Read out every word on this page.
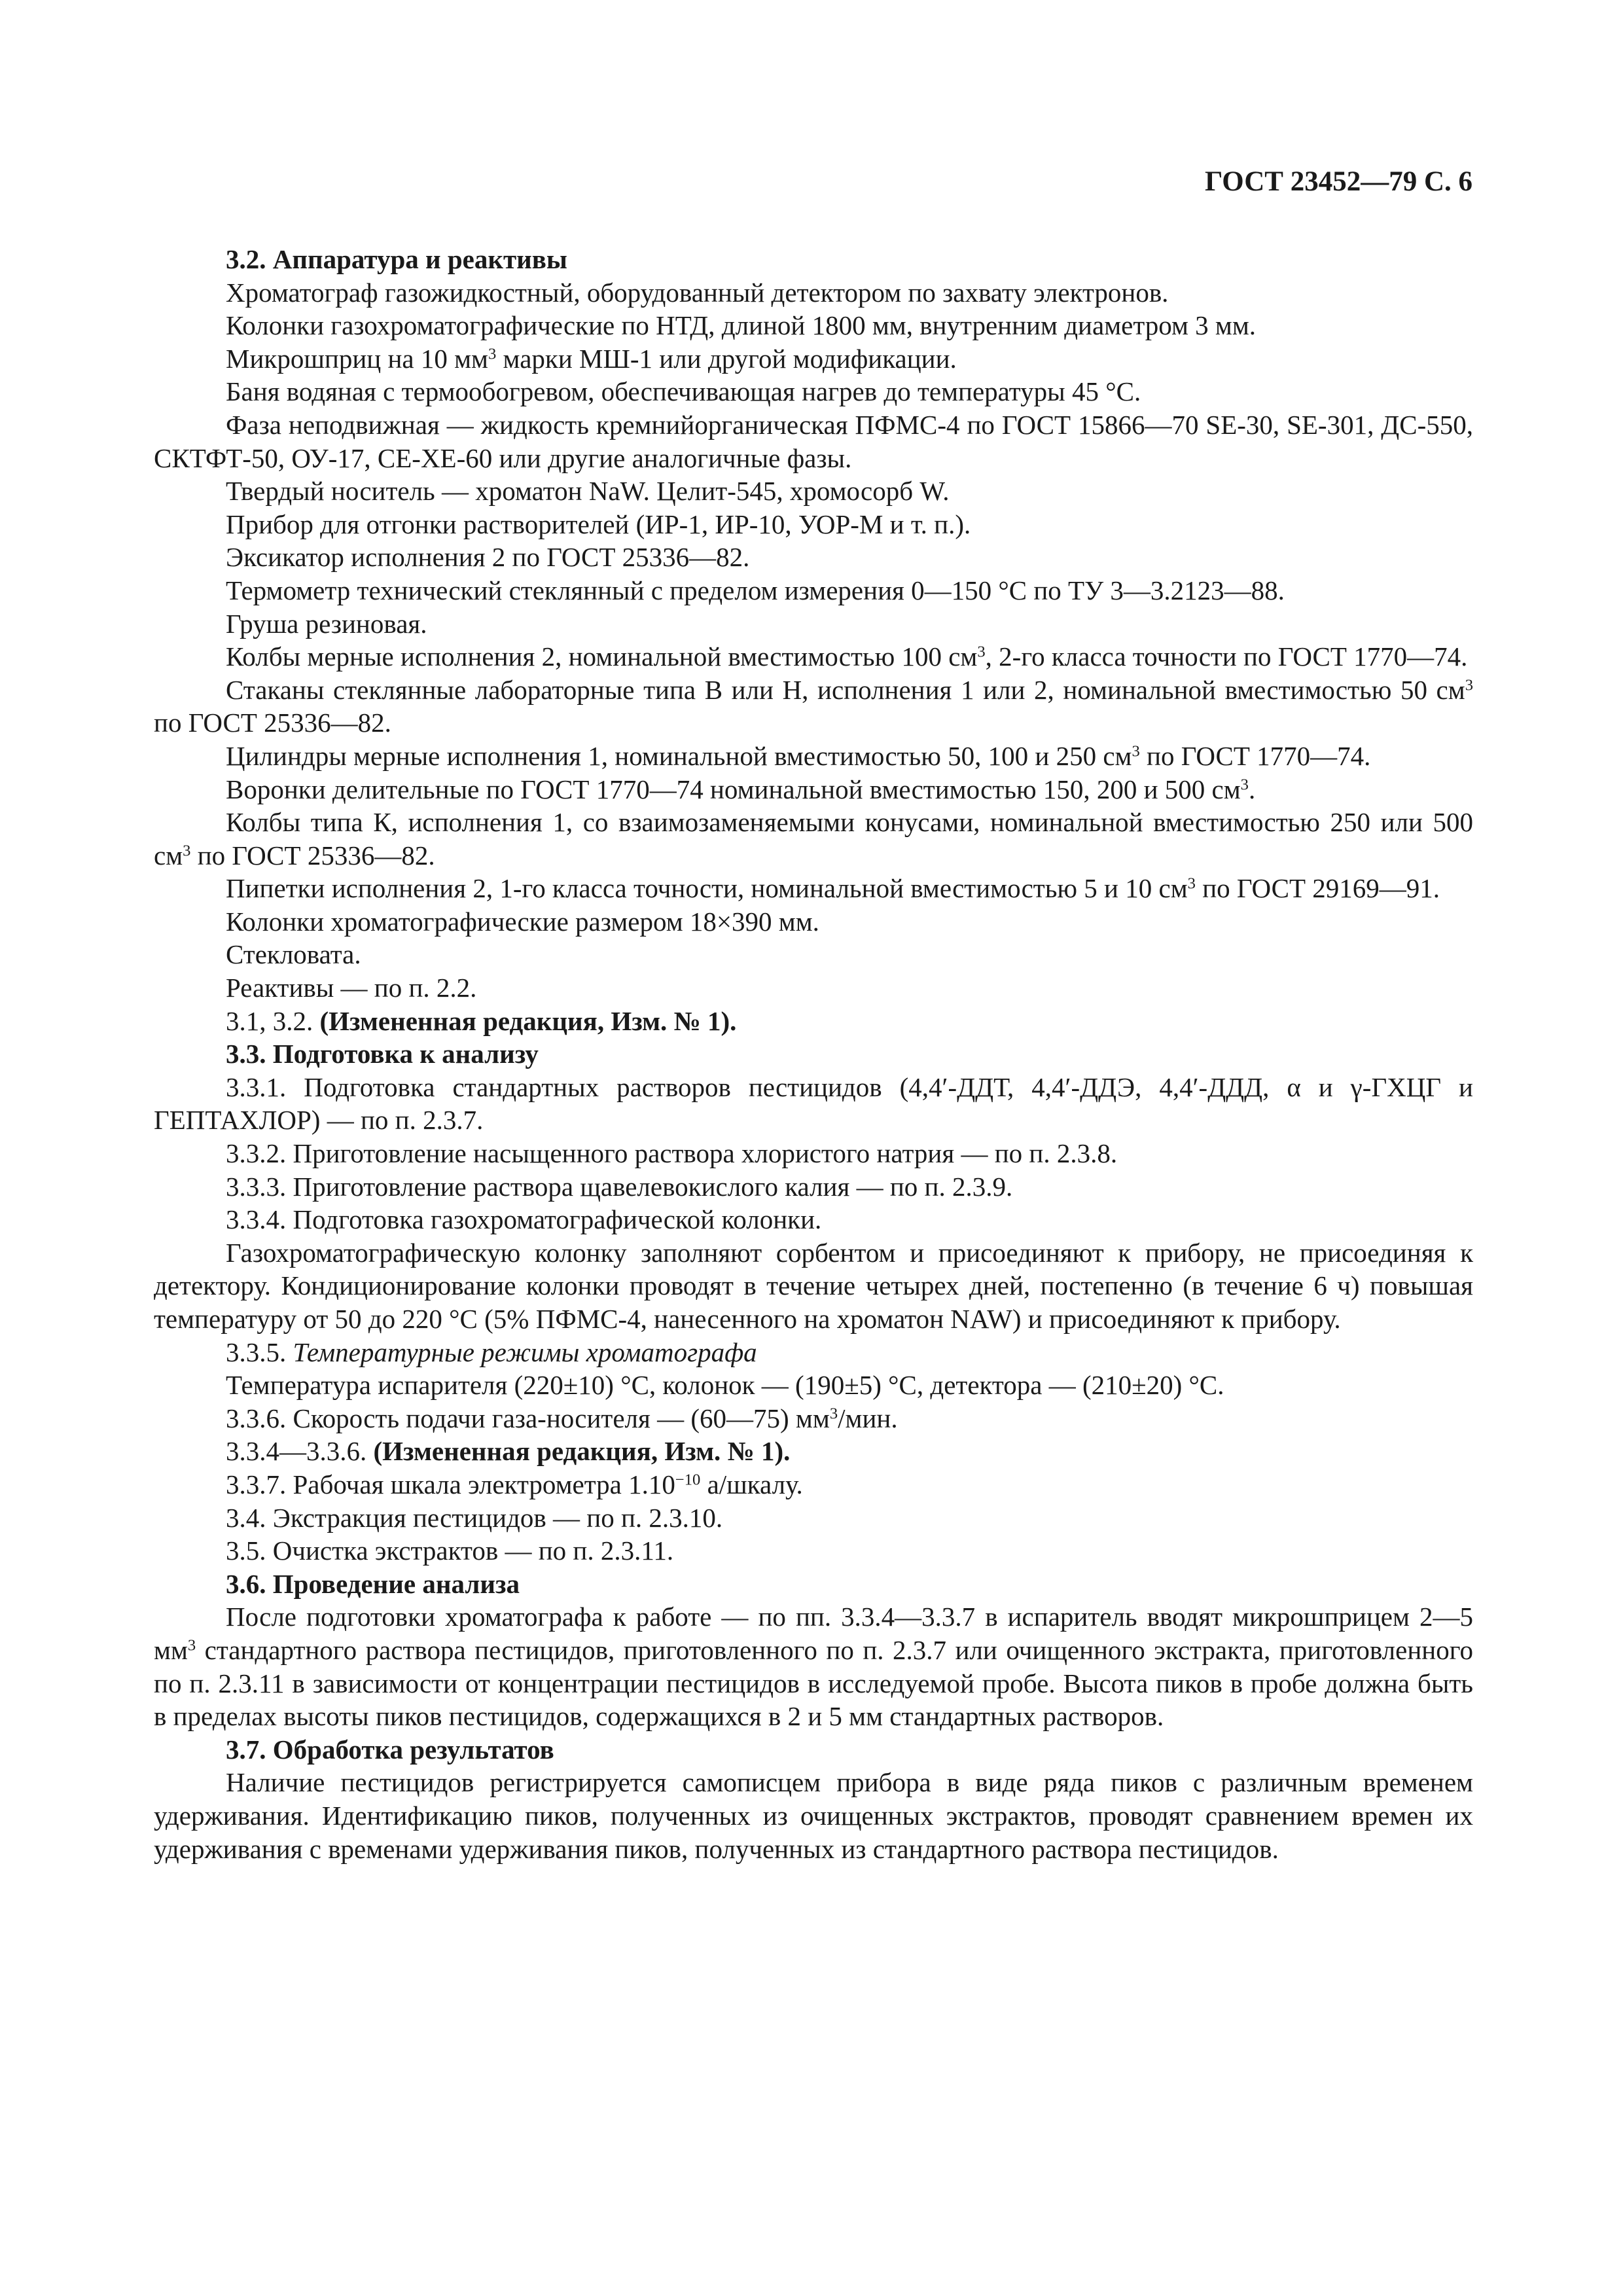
ГОСТ 23452—79 С. 6

3.2. Аппаратура и реактивы

Хроматограф газожидкостный, оборудованный детектором по захвату электронов.

Колонки газохроматографические по НТД, длиной 1800 мм, внутренним диаметром 3 мм.

Микрошприц на 10 $мм^3$ марки МШ-1 или другой модификации.

Баня водяная с термообогревом, обеспечивающая нагрев до температуры 45 °С.

Фаза неподвижная — жидкость кремнийорганическая ПФМС-4 по ГОСТ 15866—70 SE-30, SE-301, ДС-550, СКТФТ-50, ОУ-17, СЕ-ХЕ-60 или другие аналогичные фазы.

Твердый носитель — хроматон NaW. Целит-545, хромосорб W.

Прибор для отгонки растворителей (ИР-1, ИР-10, УОР-М и т. п.).

Эксикатор исполнения 2 по ГОСТ 25336—82.

Термометр технический стеклянный с пределом измерения 0—150 °С по ТУ 3—3.2123—88.

Груша резиновая.

Колбы мерные исполнения 2, номинальной вместимостью 100 $см^3$, 2-го класса точности по ГОСТ 1770—74.

Стаканы стеклянные лабораторные типа В или Н, исполнения 1 или 2, номинальной вместимостью 50 $см^3$ по ГОСТ 25336—82.

Цилиндры мерные исполнения 1, номинальной вместимостью 50, 100 и 250 $см^3$ по ГОСТ 1770—74.

Воронки делительные по ГОСТ 1770—74 номинальной вместимостью 150, 200 и 500 $см^3$.

Колбы типа К, исполнения 1, со взаимозаменяемыми конусами, номинальной вместимостью 250 или 500 $см^3$ по ГОСТ 25336—82.

Пипетки исполнения 2, 1-го класса точности, номинальной вместимостью 5 и 10 $см^3$ по ГОСТ 29169—91.

Колонки хроматографические размером 18×390 мм.

Стекловата.

Реактивы — по п. 2.2.

3.1, 3.2. (Измененная редакция, Изм. № 1).

3.3. Подготовка к анализу

3.3.1. Подготовка стандартных растворов пестицидов (4,4′-ДДТ, 4,4′-ДДЭ, 4,4′-ДДД, α и γ-ГХЦГ и ГЕПТАХЛОР) — по п. 2.3.7.

3.3.2. Приготовление насыщенного раствора хлористого натрия — по п. 2.3.8.

3.3.3. Приготовление раствора щавелевокислого калия — по п. 2.3.9.

3.3.4. Подготовка газохроматографической колонки.

Газохроматографическую колонку заполняют сорбентом и присоединяют к прибору, не присоединяя к детектору. Кондиционирование колонки проводят в течение четырех дней, постепенно (в течение 6 ч) повышая температуру от 50 до 220 °С (5% ПФМС-4, нанесенного на хроматон NAW) и присоединяют к прибору.

3.3.5. Температурные режимы хроматографа

Температура испарителя (220±10) °С, колонок — (190±5) °С, детектора — (210±20) °С.

3.3.6. Скорость подачи газа-носителя — (60—75) $мм^3$/мин.

3.3.4—3.3.6. (Измененная редакция, Изм. № 1).

3.3.7. Рабочая шкала электрометра $1.10^{-10}$ а/шкалу.

3.4. Экстракция пестицидов — по п. 2.3.10.

3.5. Очистка экстрактов — по п. 2.3.11.

3.6. Проведение анализа

После подготовки хроматографа к работе — по пп. 3.3.4—3.3.7 в испаритель вводят микрошприцем 2—5 $мм^3$ стандартного раствора пестицидов, приготовленного по п. 2.3.7 или очищенного экстракта, приготовленного по п. 2.3.11 в зависимости от концентрации пестицидов в исследуемой пробе. Высота пиков в пробе должна быть в пределах высоты пиков пестицидов, содержащихся в 2 и 5 мм стандартных растворов.

3.7. Обработка результатов

Наличие пестицидов регистрируется самописцем прибора в виде ряда пиков с различным временем удерживания. Идентификацию пиков, полученных из очищенных экстрактов, проводят сравнением времен их удерживания с временами удерживания пиков, полученных из стандартного раствора пестицидов.
